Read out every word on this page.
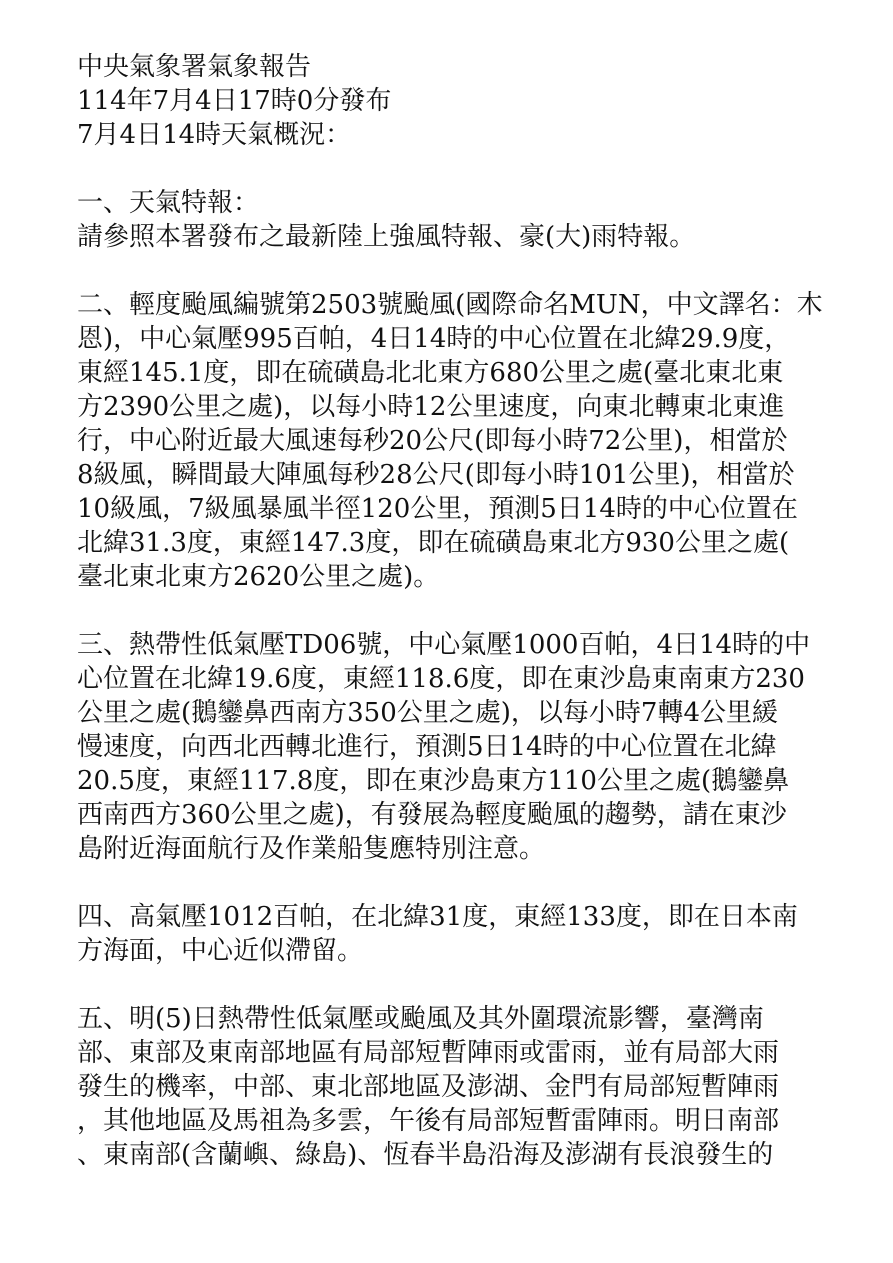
中央氣象署氣象報告
114年7月4日17時0分發布
7月4日14時天氣概況：
一、天氣特報：
請參照本署發布之最新陸上強風特報、豪(大)雨特報。
二、輕度颱風編號第2503號颱風(國際命名MUN，中文譯名：木
恩)，中心氣壓995百帕，4日14時的中心位置在北緯29.9度，
東經145.1度，即在硫磺島北北東方680公里之處(臺北東北東
方2390公里之處)，以每小時12公里速度，向東北轉東北東進
行，中心附近最大風速每秒20公尺(即每小時72公里)，相當於
8級風，瞬間最大陣風每秒28公尺(即每小時101公里)，相當於
10級風，7級風暴風半徑120公里，預測5日14時的中心位置在
北緯31.3度，東經147.3度，即在硫磺島東北方930公里之處(
臺北東北東方2620公里之處)。
三、熱帶性低氣壓TD06號，中心氣壓1000百帕，4日14時的中
心位置在北緯19.6度，東經118.6度，即在東沙島東南東方230
公里之處(鵝鑾鼻西南方350公里之處)，以每小時7轉4公里緩
慢速度，向西北西轉北進行，預測5日14時的中心位置在北緯
20.5度，東經117.8度，即在東沙島東方110公里之處(鵝鑾鼻
西南西方360公里之處)，有發展為輕度颱風的趨勢，請在東沙
島附近海面航行及作業船隻應特別注意。
四、高氣壓1012百帕，在北緯31度，東經133度，即在日本南
方海面，中心近似滯留。
五、明(5)日熱帶性低氣壓或颱風及其外圍環流影響，臺灣南
部、東部及東南部地區有局部短暫陣雨或雷雨，並有局部大雨
發生的機率，中部、東北部地區及澎湖、金門有局部短暫陣雨
，其他地區及馬祖為多雲，午後有局部短暫雷陣雨。明日南部
、東南部(含蘭嶼、綠島)、恆春半島沿海及澎湖有長浪發生的
